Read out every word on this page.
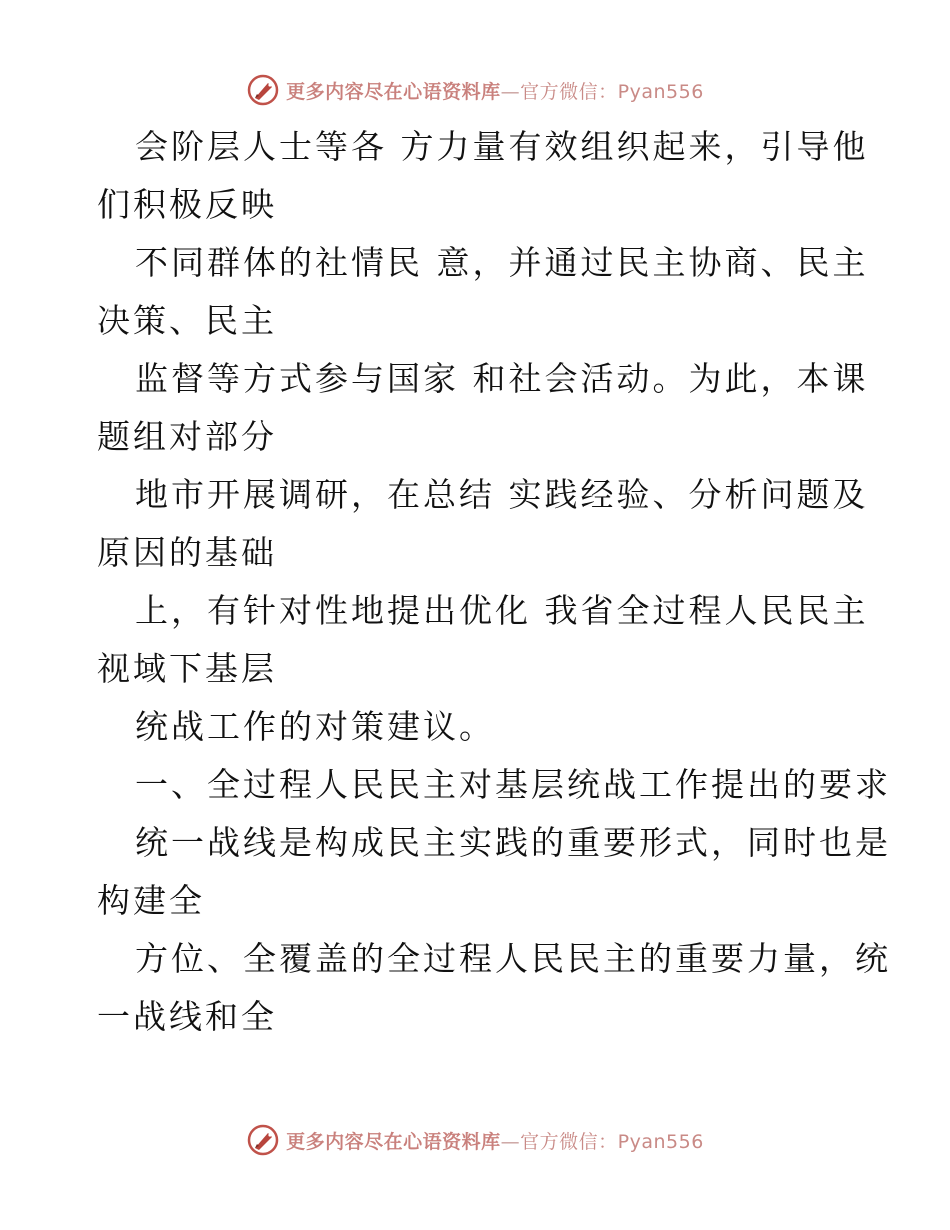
更多内容尽在心语资料库—官方微信：Pyan556
会阶层人士等各 方力量有效组织起来，引导他
们积极反映
不同群体的社情民 意，并通过民主协商、民主
决策、民主
监督等方式参与国家 和社会活动。为此，本课
题组对部分
地市开展调研，在总结 实践经验、分析问题及
原因的基础
上，有针对性地提出优化 我省全过程人民民主
视域下基层
统战工作的对策建议。
一、全过程人民民主对基层统战工作提出的要求
统一战线是构成民主实践的重要形式，同时也是
构建全
方位、全覆盖的全过程人民民主的重要力量，统
一战线和全
更多内容尽在心语资料库—官方微信：Pyan556
